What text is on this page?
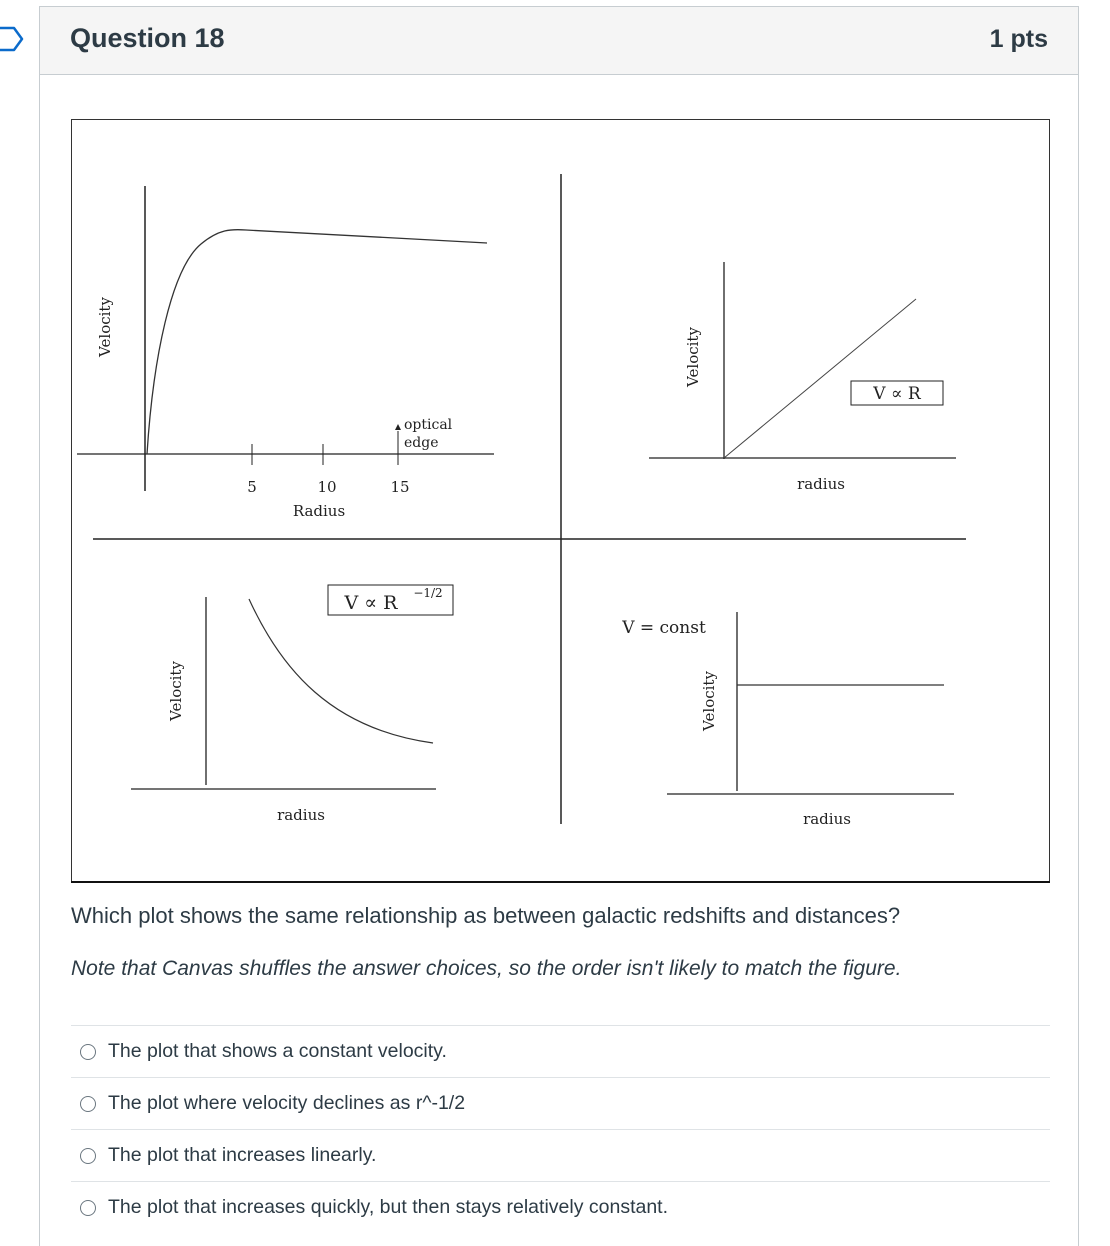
Question 18	1 pts
5	10	15
Radius
optical
edge
Velocity
V ∝ R
radius
Velocity
V ∝ R −1/2
radius
Velocity
V = const
radius
Velocity
Which plot shows the same relationship as between galactic redshifts and distances?
Note that Canvas shuffles the answer choices, so the order isn't likely to match the figure.
The plot that shows a constant velocity.
The plot where velocity declines as r^-1/2
The plot that increases linearly.
The plot that increases quickly, but then stays relatively constant.
